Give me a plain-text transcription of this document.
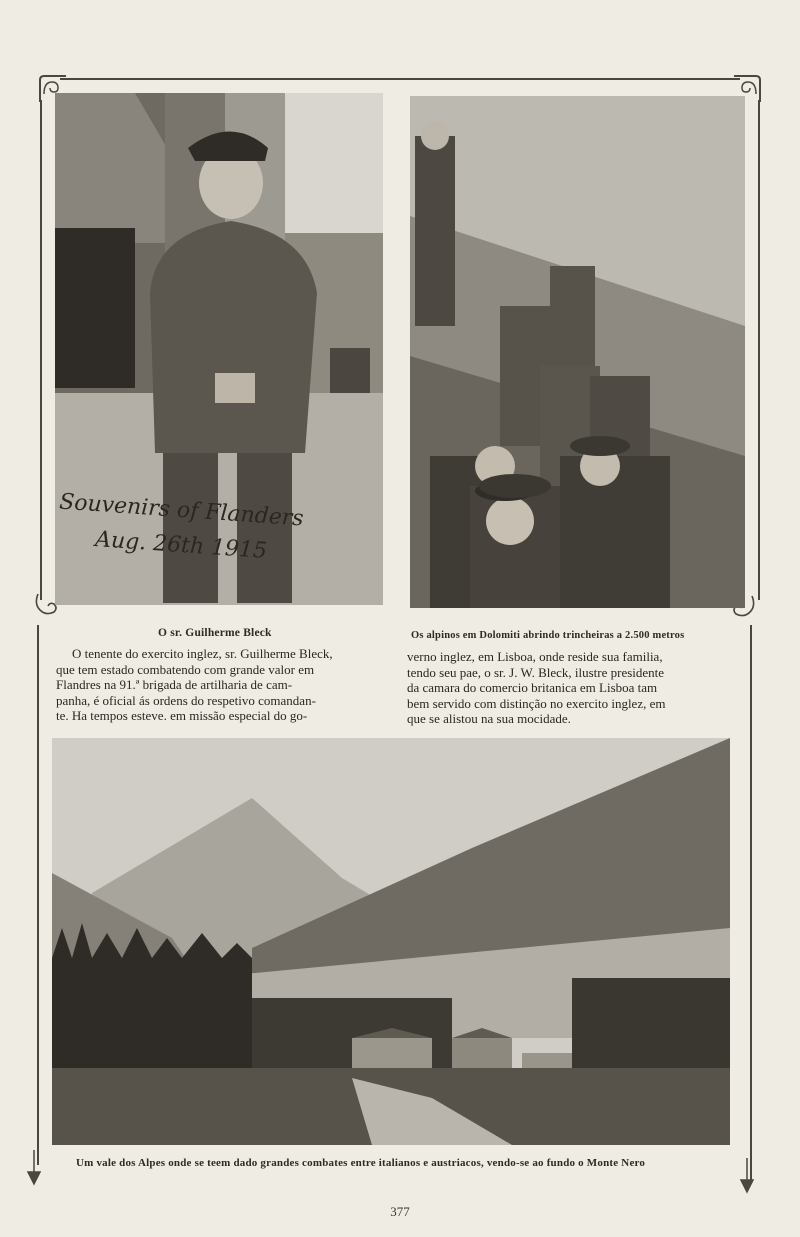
Souvenirs of Flanders
Aug. 26th 1915
O sr. Guilherme Bleck	Os alpinos em Dolomiti abrindo trincheiras a 2.500 metros
O tenente do exercito inglez, sr. Guilherme Bleck,
que tem estado combatendo com grande valor em
Flandres na 91.ª brigada de artilharia de cam-
panha, é oficial ás ordens do respetivo comandan-
te. Ha tempos esteve. em missão especial do go-
verno inglez, em Lisboa, onde reside sua familia,
tendo seu pae, o sr. J. W. Bleck, ilustre presidente
da camara do comercio britanica em Lisboa tam
bem servido com distinção no exercito inglez, em
que se alistou na sua mocidade.
Um vale dos Alpes onde se teem dado grandes combates entre italianos e austriacos, vendo-se ao fundo o Monte Nero
377
